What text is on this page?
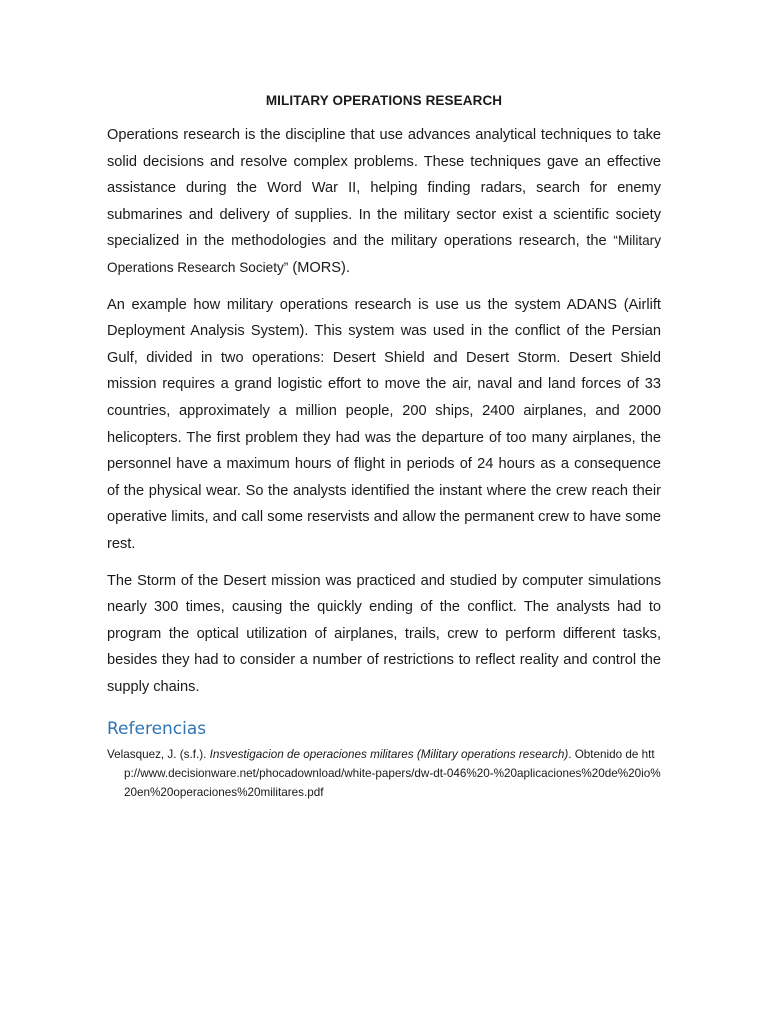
MILITARY OPERATIONS RESEARCH

Operations research is the discipline that use advances analytical techniques to take solid decisions and resolve complex problems. These techniques gave an effective assistance during the Word War II, helping finding radars, search for enemy submarines and delivery of supplies. In the military sector exist a scientific society specialized in the methodologies and the military operations research, the “Military Operations Research Society” (MORS).

An example how military operations research is use us the system ADANS (Airlift Deployment Analysis System). This system was used in the conflict of the Persian Gulf, divided in two operations: Desert Shield and Desert Storm. Desert Shield mission requires a grand logistic effort to move the air, naval and land forces of 33 countries, approximately a million people, 200 ships, 2400 airplanes, and 2000 helicopters. The first problem they had was the departure of too many airplanes, the personnel have a maximum hours of flight in periods of 24 hours as a consequence of the physical wear. So the analysts identified the instant where the crew reach their operative limits, and call some reservists and allow the permanent crew to have some rest.

The Storm of the Desert mission was practiced and studied by computer simulations nearly 300 times, causing the quickly ending of the conflict. The analysts had to program the optical utilization of airplanes, trails, crew to perform different tasks, besides they had to consider a number of restrictions to reflect reality and control the supply chains.

Referencias

Velasquez, J. (s.f.). Insvestigacion de operaciones militares (Military operations research). Obtenido de http://www.decisionware.net/phocadownload/white-papers/dw-dt-046%20-%20aplicaciones%20de%20io%20en%20operaciones%20militares.pdf
